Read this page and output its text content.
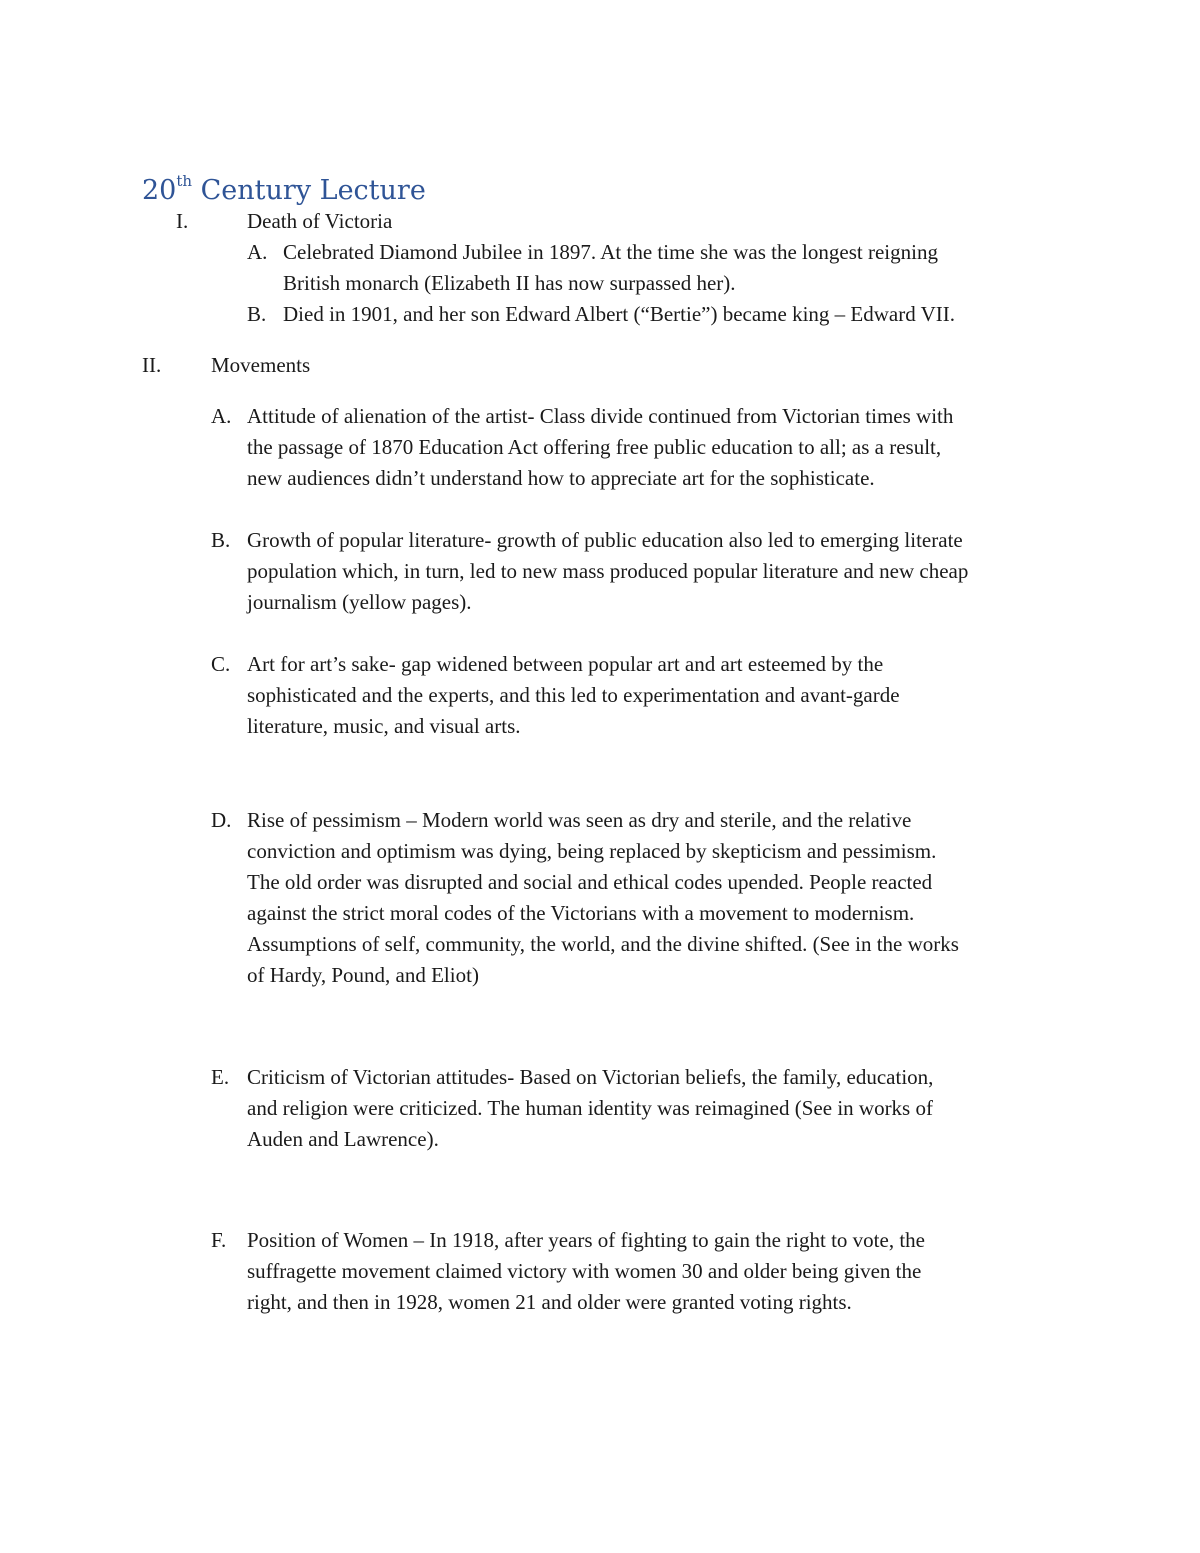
20th Century Lecture
I.	Death of Victoria
A. Celebrated Diamond Jubilee in 1897. At the time she was the longest reigning
British monarch (Elizabeth II has now surpassed her).
B. Died in 1901, and her son Edward Albert (“Bertie”) became king – Edward VII.
II. Movements
A. Attitude of alienation of the artist- Class divide continued from Victorian times with
the passage of 1870 Education Act offering free public education to all; as a result,
new audiences didn’t understand how to appreciate art for the sophisticate.
B. Growth of popular literature- growth of public education also led to emerging literate
population which, in turn, led to new mass produced popular literature and new cheap
journalism (yellow pages).
C. Art for art’s sake- gap widened between popular art and art esteemed by the
sophisticated and the experts, and this led to experimentation and avant-garde
literature, music, and visual arts.
D. Rise of pessimism – Modern world was seen as dry and sterile, and the relative
conviction and optimism was dying, being replaced by skepticism and pessimism.
The old order was disrupted and social and ethical codes upended. People reacted
against the strict moral codes of the Victorians with a movement to modernism.
Assumptions of self, community, the world, and the divine shifted. (See in the works
of Hardy, Pound, and Eliot)
E. Criticism of Victorian attitudes- Based on Victorian beliefs, the family, education,
and religion were criticized. The human identity was reimagined (See in works of
Auden and Lawrence).
F. Position of Women – In 1918, after years of fighting to gain the right to vote, the
suffragette movement claimed victory with women 30 and older being given the
right, and then in 1928, women 21 and older were granted voting rights.
